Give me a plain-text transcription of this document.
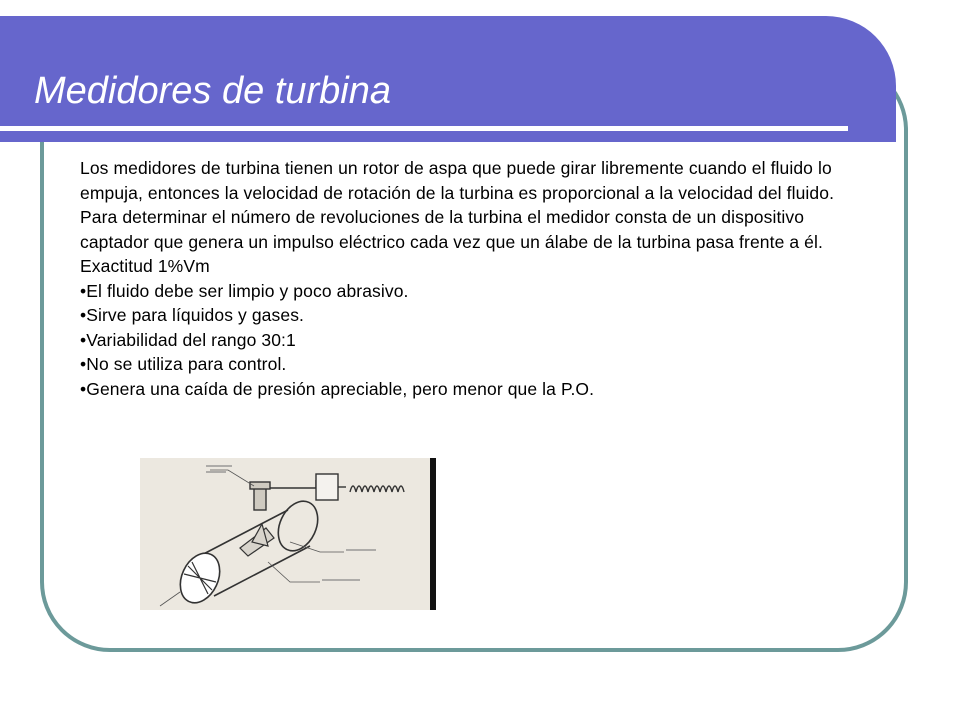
Medidores de turbina

Los medidores de turbina tienen un rotor de aspa que puede girar libremente cuando el fluido lo empuja, entonces la velocidad de rotación de la turbina es proporcional a la velocidad del fluido. Para determinar el número de revoluciones de la turbina el medidor consta de un dispositivo captador que genera un impulso eléctrico cada vez que un álabe de la turbina pasa frente a él.

Exactitud 1%Vm

• El fluido debe ser limpio y poco abrasivo.
• Sirve para líquidos y gases.
• Variabilidad del rango 30:1
• No se utiliza para control.
• Genera una caída de presión apreciable, pero menor que la P.O.
